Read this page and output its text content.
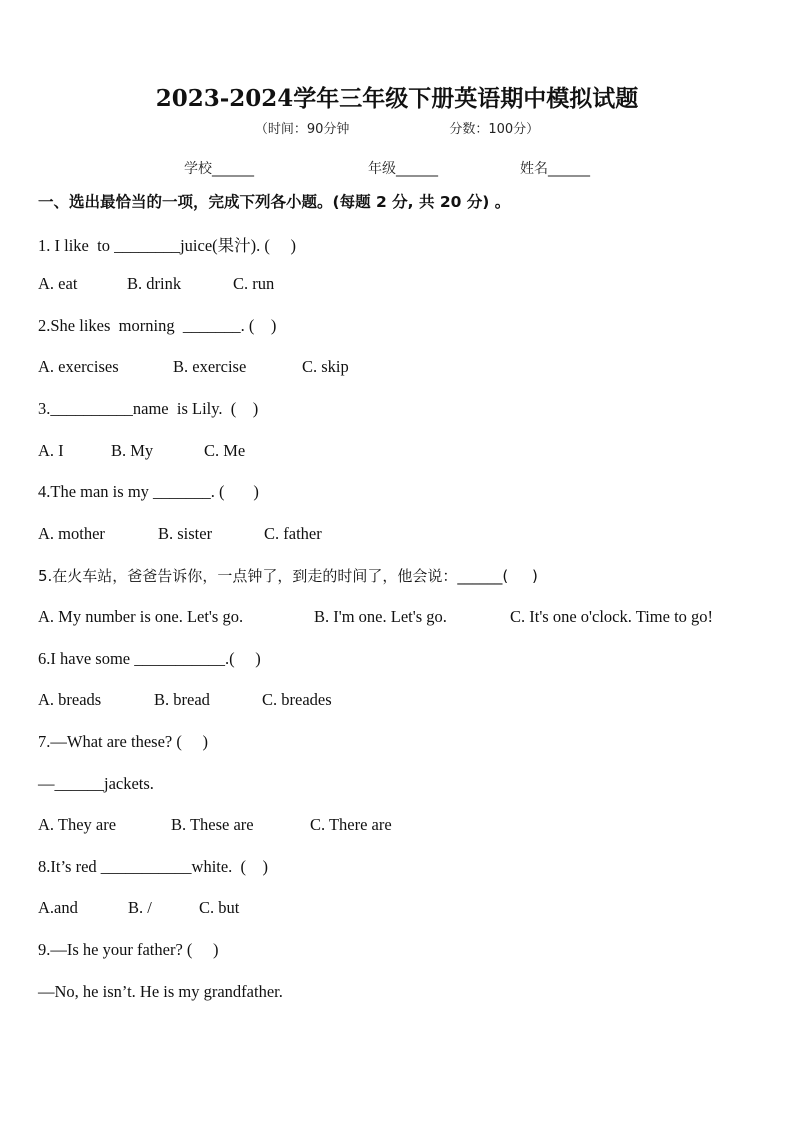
2023-2024学年三年级下册英语期中模拟试题
（时间：90分钟	分数：100分）
学校______	年级______	姓名______
一、选出最恰当的一项，完成下列各小题。(每题 2 分, 共 20 分) 。
1. I like  to ________juice(果汁). (     )
A. eat	B. drink	C. run
2.She likes  morning  _______. (    )
A. exercises	B. exercise	C. skip
3.__________name  is Lily.  (    )
A. I	B. My	C. Me
4.The man is my _______. (       )
A. mother	B. sister	C. father
5.在火车站，爸爸告诉你，一点钟了，到走的时间了，他会说：______(     )
A. My number is one. Let's go.	B. I'm one. Let's go.	C. It's one o'clock. Time to go!
6.I have some ___________.(     )
A. breads	B. bread	C. breades
7.—What are these? (     )
—______jackets.
A. They are	B. These are	C. There are
8.It’s red ___________white.  (    )
A.and	B. /	C. but
9.—Is he your father? (     )
—No, he isn’t. He is my grandfather.
